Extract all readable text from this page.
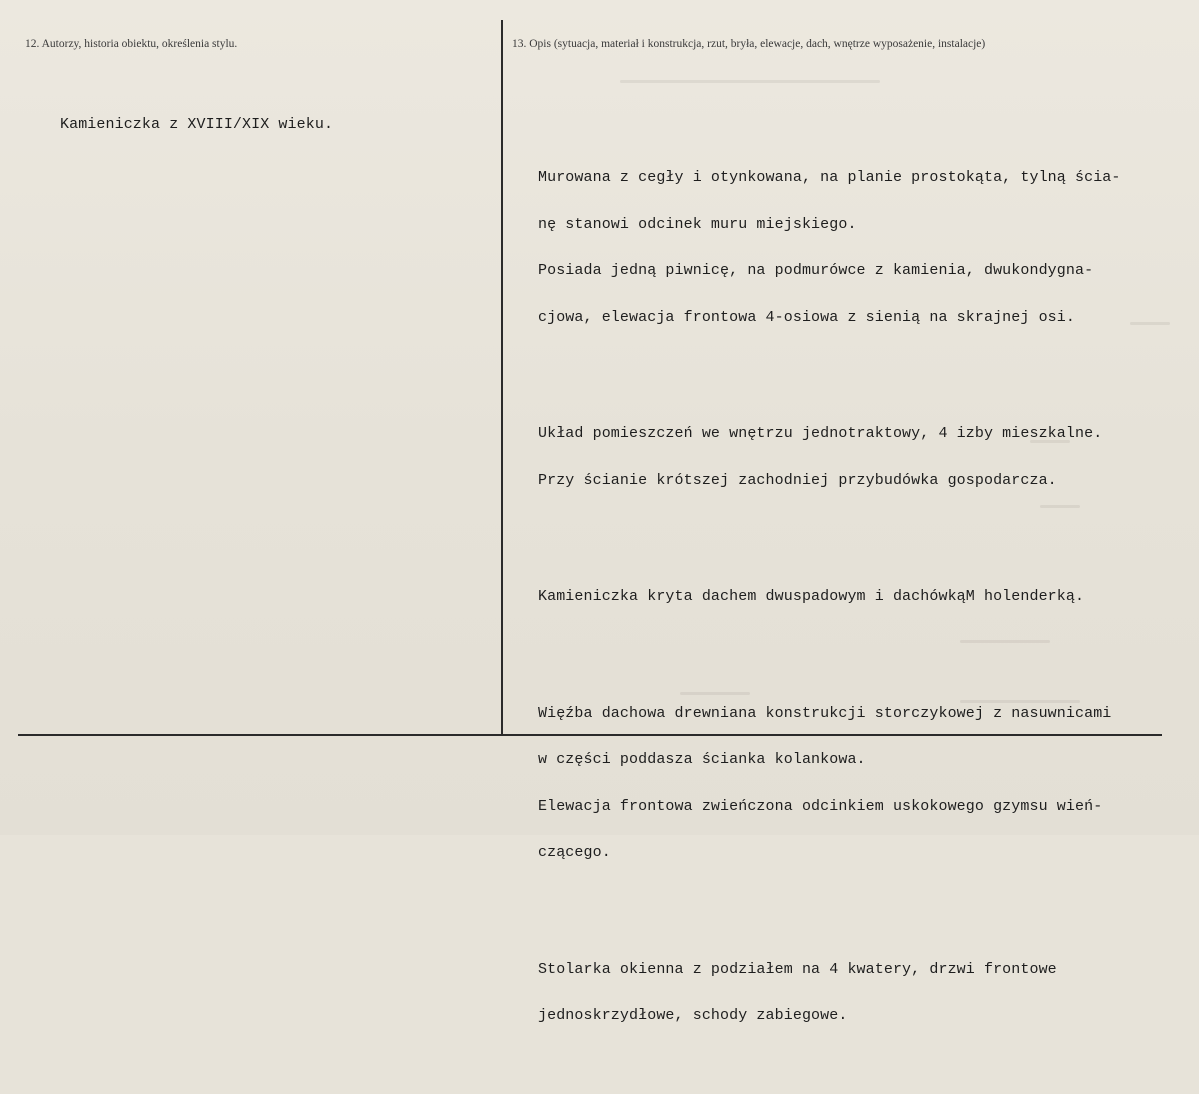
12. Autorzy, historia obiektu, określenia stylu.	13. Opis (sytuacja, materiał i konstrukcja, rzut, bryła, elewacje, dach, wnętrze wyposażenie, instalacje)
Kamieniczka z XVIII/XIX wieku.

Murowana z cegły i otynkowana, na planie prostokąta, tylną ścia-

nę stanowi odcinek muru miejskiego.

Posiada jedną piwnicę, na podmurówce z kamienia, dwukondygna-

cjowa, elewacja frontowa 4-osiowa z sienią na skrajnej osi.

Układ pomieszczeń we wnętrzu jednotraktowy, 4 izby mieszkalne.

Przy ścianie krótszej zachodniej przybudówka gospodarcza.

Kamieniczka kryta dachem dwuspadowym i dachówkąM holenderką.

Więźba dachowa drewniana konstrukcji storczykowej z nasuwnicami

w części poddasza ścianka kolankowa.

Elewacja frontowa zwieńczona odcinkiem uskokowego gzymsu wień-

czącego.

Stolarka okienna z podziałem na 4 kwatery, drzwi frontowe

jednoskrzydłowe, schody zabiegowe.
